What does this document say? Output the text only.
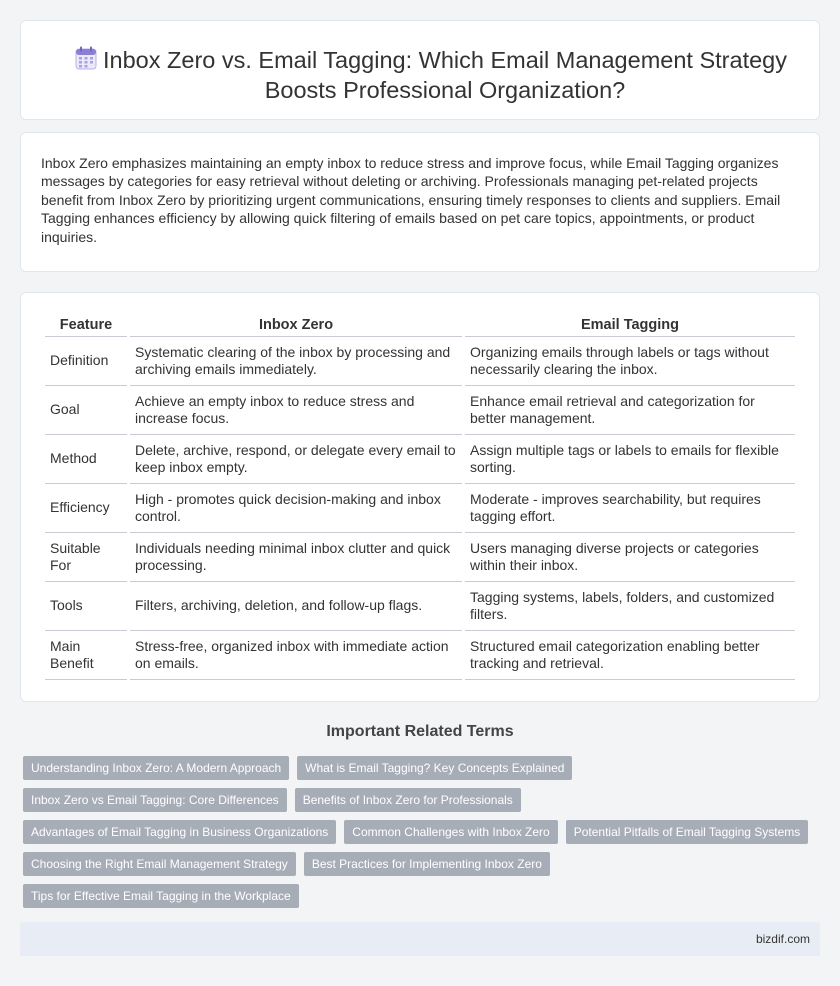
Inbox Zero vs. Email Tagging: Which Email Management Strategy Boosts Professional Organization?

Inbox Zero emphasizes maintaining an empty inbox to reduce stress and improve focus, while Email Tagging organizes messages by categories for easy retrieval without deleting or archiving. Professionals managing pet-related projects benefit from Inbox Zero by prioritizing urgent communications, ensuring timely responses to clients and suppliers. Email Tagging enhances efficiency by allowing quick filtering of emails based on pet care topics, appointments, or product inquiries.

Feature	Inbox Zero	Email Tagging
Definition	Systematic clearing of the inbox by processing and archiving emails immediately.	Organizing emails through labels or tags without necessarily clearing the inbox.
Goal	Achieve an empty inbox to reduce stress and increase focus.	Enhance email retrieval and categorization for better management.
Method	Delete, archive, respond, or delegate every email to keep inbox empty.	Assign multiple tags or labels to emails for flexible sorting.
Efficiency	High - promotes quick decision-making and inbox control.	Moderate - improves searchability, but requires tagging effort.
Suitable For	Individuals needing minimal inbox clutter and quick processing.	Users managing diverse projects or categories within their inbox.
Tools	Filters, archiving, deletion, and follow-up flags.	Tagging systems, labels, folders, and customized filters.
Main Benefit	Stress-free, organized inbox with immediate action on emails.	Structured email categorization enabling better tracking and retrieval.
Important Related Terms
Understanding Inbox Zero: A Modern Approach	What is Email Tagging? Key Concepts Explained
Inbox Zero vs Email Tagging: Core Differences	Benefits of Inbox Zero for Professionals
Advantages of Email Tagging in Business Organizations	Common Challenges with Inbox Zero	Potential Pitfalls of Email Tagging Systems
Choosing the Right Email Management Strategy	Best Practices for Implementing Inbox Zero
Tips for Effective Email Tagging in the Workplace
bizdif.com
